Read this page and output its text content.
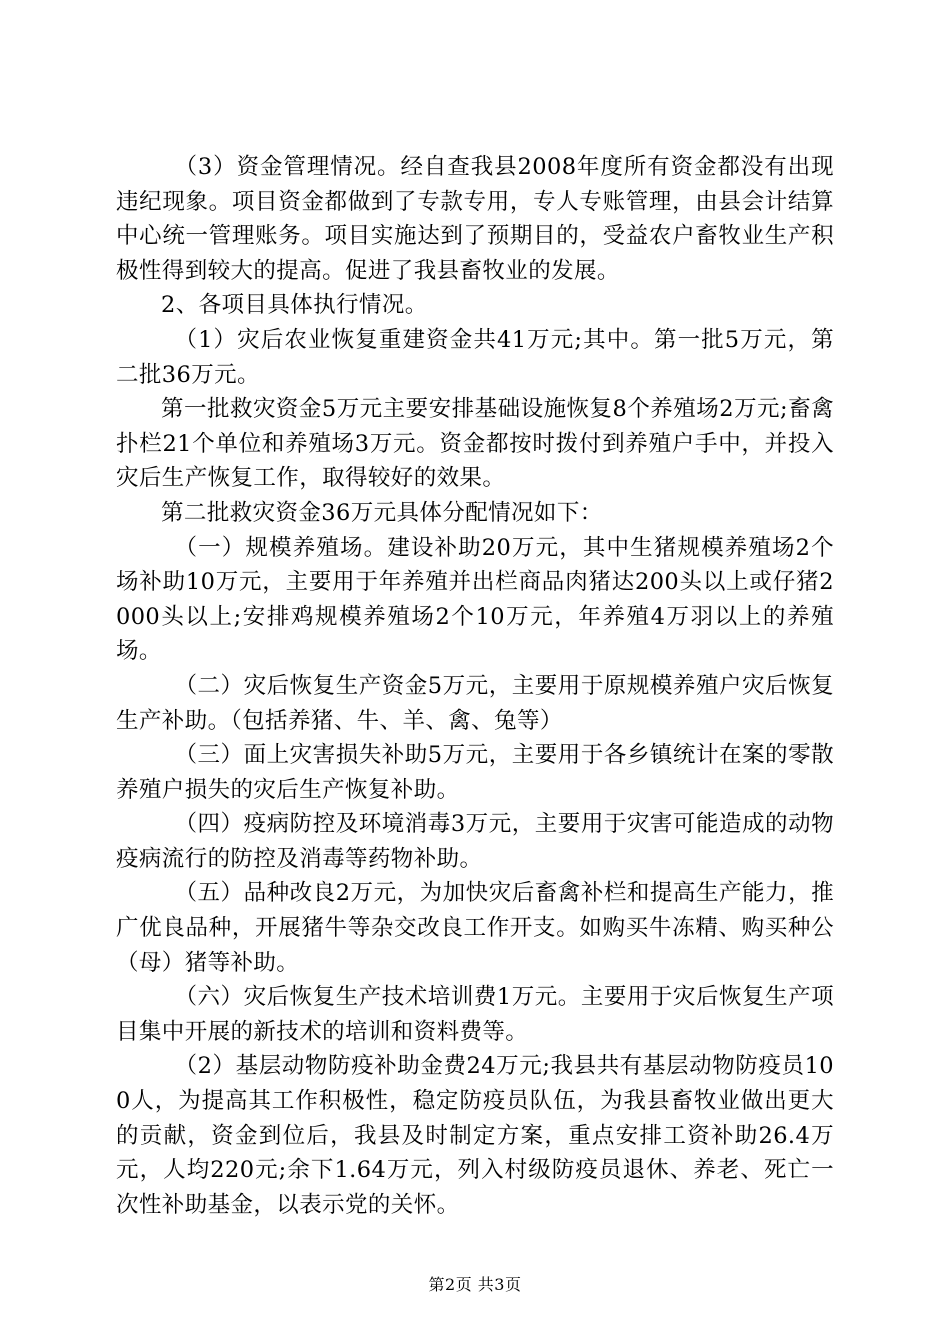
（3）资金管理情况。经自查我县2008年度所有资金都没有出现违纪现象。项目资金都做到了专款专用，专人专账管理，由县会计结算中心统一管理账务。项目实施达到了预期目的，受益农户畜牧业生产积极性得到较大的提高。促进了我县畜牧业的发展。

2、各项目具体执行情况。

（1）灾后农业恢复重建资金共41万元;其中。第一批5万元，第二批36万元。

第一批救灾资金5万元主要安排基础设施恢复8个养殖场2万元;畜禽扑栏21个单位和养殖场3万元。资金都按时拨付到养殖户手中，并投入灾后生产恢复工作，取得较好的效果。

第二批救灾资金36万元具体分配情况如下：

（一）规模养殖场。建设补助20万元，其中生猪规模养殖场2个场补助10万元，主要用于年养殖并出栏商品肉猪达200头以上或仔猪2000头以上;安排鸡规模养殖场2个10万元，年养殖4万羽以上的养殖场。

（二）灾后恢复生产资金5万元，主要用于原规模养殖户灾后恢复生产补助。（包括养猪、牛、羊、禽、兔等）

（三）面上灾害损失补助5万元，主要用于各乡镇统计在案的零散养殖户损失的灾后生产恢复补助。

（四）疫病防控及环境消毒3万元，主要用于灾害可能造成的动物疫病流行的防控及消毒等药物补助。

（五）品种改良2万元，为加快灾后畜禽补栏和提高生产能力，推广优良品种，开展猪牛等杂交改良工作开支。如购买牛冻精、购买种公（母）猪等补助。

（六）灾后恢复生产技术培训费1万元。主要用于灾后恢复生产项目集中开展的新技术的培训和资料费等。

（2）基层动物防疫补助金费24万元;我县共有基层动物防疫员100人，为提高其工作积极性，稳定防疫员队伍，为我县畜牧业做出更大的贡献，资金到位后，我县及时制定方案，重点安排工资补助26.4万元，人均220元;余下1.64万元，列入村级防疫员退休、养老、死亡一次性补助基金，以表示党的关怀。

第2页 共3页
